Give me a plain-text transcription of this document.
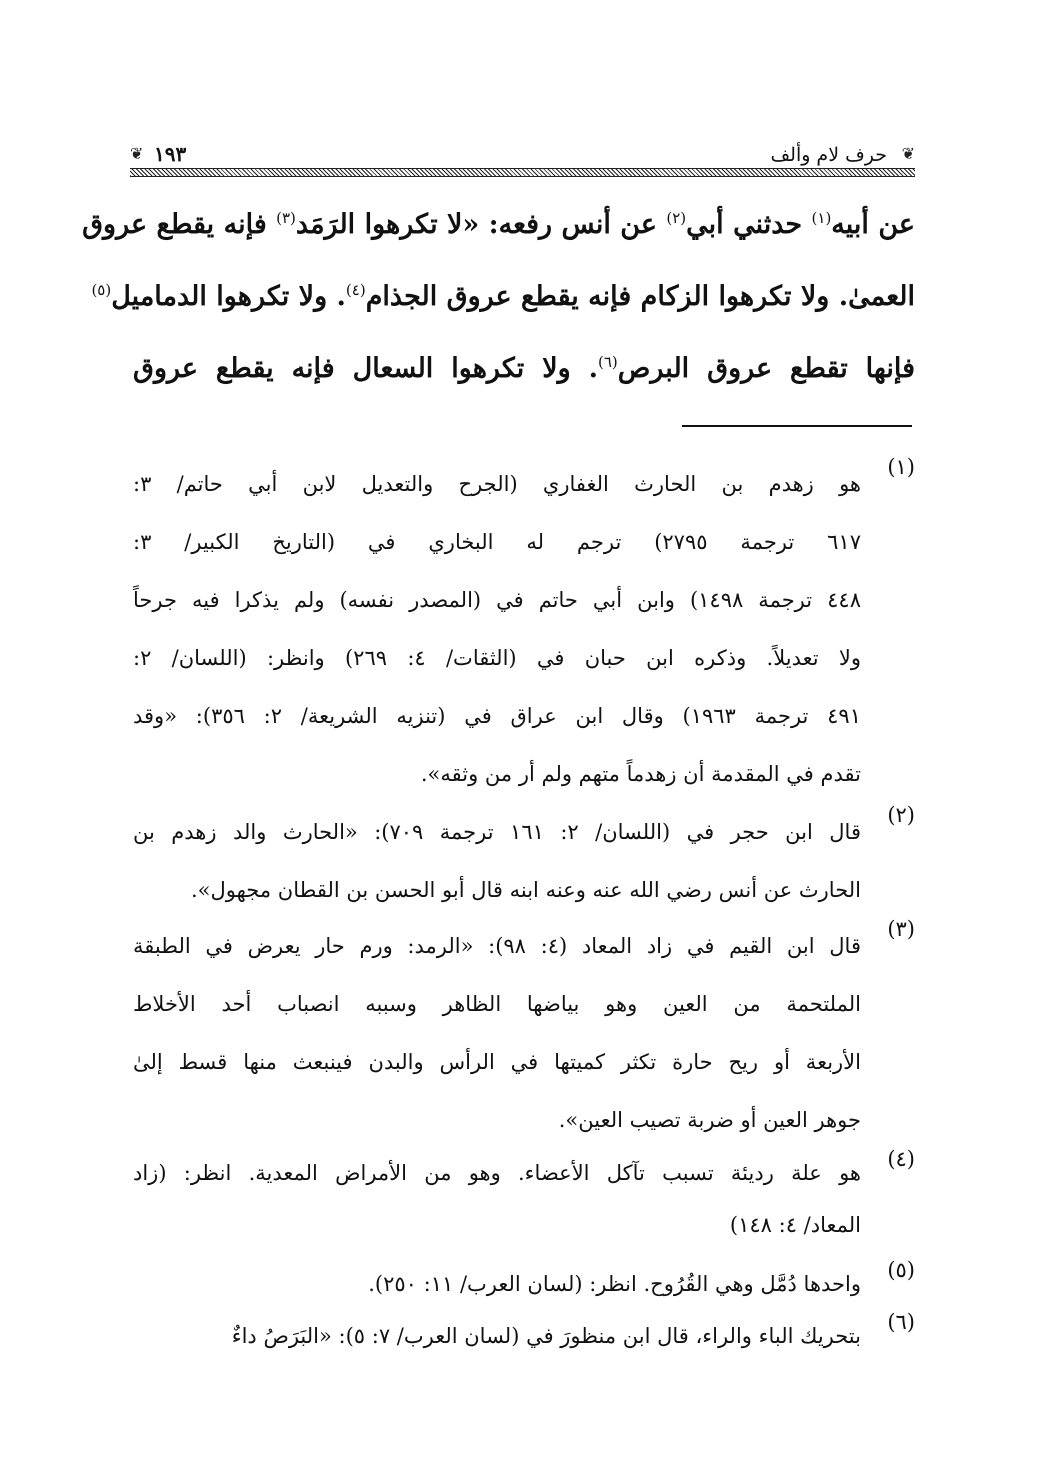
❦
حرف لام وألف
١٩٣
❦
عن أبيه$^{(١)}$ حدثني أبي$^{(٢)}$ عن أنس رفعه: «لا تكرهوا الرَمَد$^{(٣)}$ فإنه يقطع عروق
العمىٰ. ولا تكرهوا الزكام فإنه يقطع عروق الجذام$^{(٤)}$. ولا تكرهوا الدماميل$^{(٥)}$
فإنها تقطع عروق البرص$^{(٦)}$. ولا تكرهوا السعال فإنه يقطع عروق
(١)
هو زهدم بن الحارث الغفاري (الجرح والتعديل لابن أبي حاتم/ ٣:
٦١٧ ترجمة ٢٧٩٥) ترجم له البخاري في (التاريخ الكبير/ ٣:
٤٤٨ ترجمة ١٤٩٨) وابن أبي حاتم في (المصدر نفسه) ولم يذكرا فيه جرحاً
ولا تعديلاً. وذكره ابن حبان في (الثقات/ ٤: ٢٦٩) وانظر: (اللسان/ ٢:
٤٩١ ترجمة ١٩٦٣) وقال ابن عراق في (تنزيه الشريعة/ ٢: ٣٥٦): «وقد
تقدم في المقدمة أن زهدماً متهم ولم أر من وثقه».
(٢)
قال ابن حجر في (اللسان/ ٢: ١٦١ ترجمة ٧٠٩): «الحارث والد زهدم بن
الحارث عن أنس رضي الله عنه وعنه ابنه قال أبو الحسن بن القطان مجهول».
(٣)
قال ابن القيم في زاد المعاد (٤: ٩٨): «الرمد: ورم حار يعرض في الطبقة
الملتحمة من العين وهو بياضها الظاهر وسببه انصباب أحد الأخلاط
الأربعة أو ريح حارة تكثر كميتها في الرأس والبدن فينبعث منها قسط إلىٰ
جوهر العين أو ضربة تصيب العين».
(٤)
هو علة رديئة تسبب تآكل الأعضاء. وهو من الأمراض المعدية. انظر: (زاد
المعاد/ ٤: ١٤٨)
(٥)
واحدها دُمَّل وهي القُرُوح. انظر: (لسان العرب/ ١١: ٢٥٠).
(٦)
بتحريك الباء والراء، قال ابن منظورَ في (لسان العرب/ ٧: ٥): «البَرَصُ داءٌ
